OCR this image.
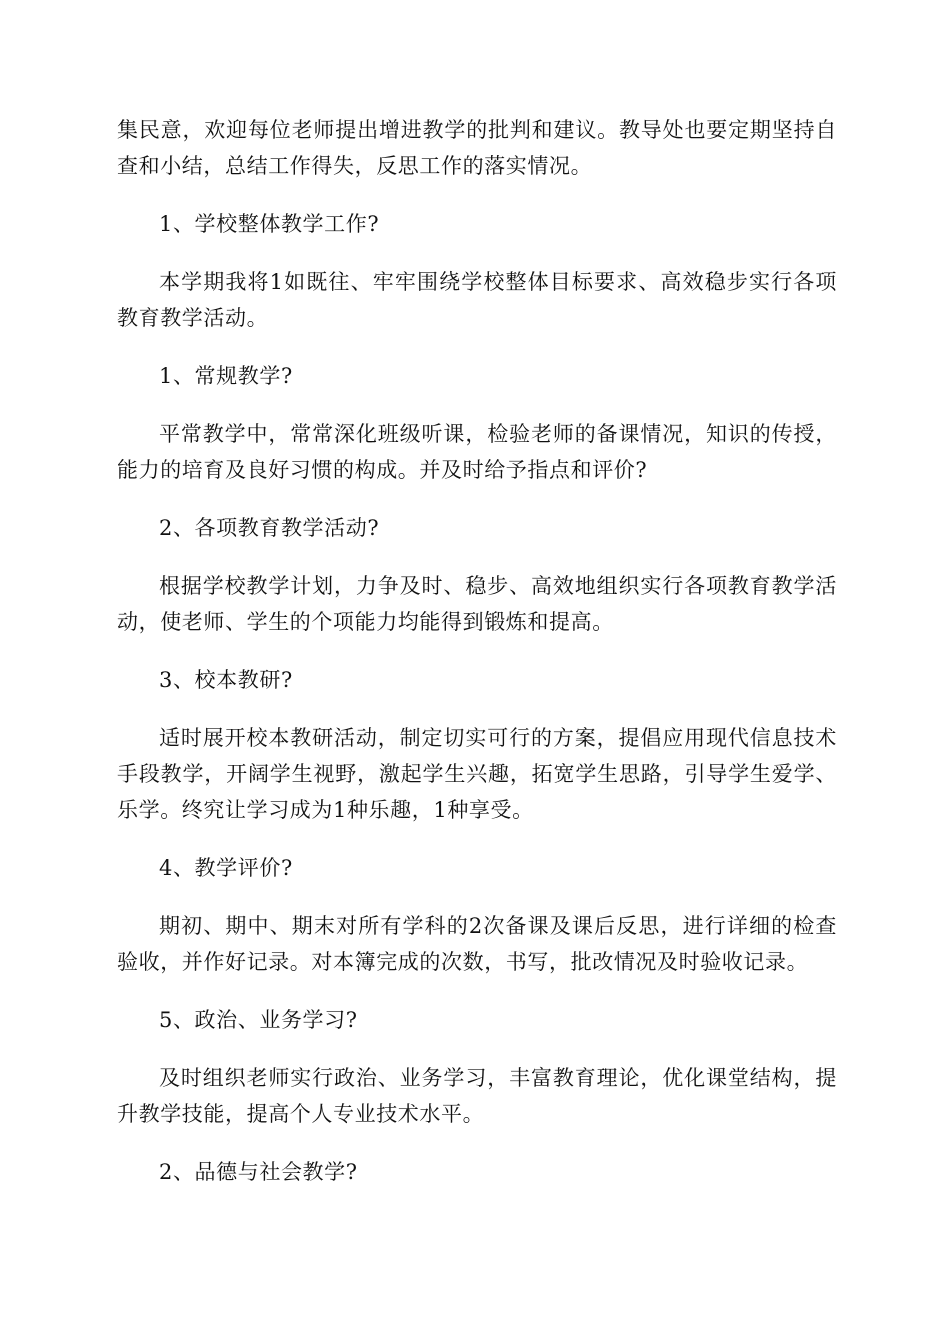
集民意，欢迎每位老师提出增进教学的批判和建议。教导处也要定期坚持自查和小结，总结工作得失，反思工作的落实情况。

1、学校整体教学工作?

本学期我将1如既往、牢牢围绕学校整体目标要求、高效稳步实行各项教育教学活动。

1、常规教学?

平常教学中，常常深化班级听课，检验老师的备课情况，知识的传授，能力的培育及良好习惯的构成。并及时给予指点和评价?

2、各项教育教学活动?

根据学校教学计划，力争及时、稳步、高效地组织实行各项教育教学活动，使老师、学生的个项能力均能得到锻炼和提高。

3、校本教研?

适时展开校本教研活动，制定切实可行的方案，提倡应用现代信息技术手段教学，开阔学生视野，激起学生兴趣，拓宽学生思路，引导学生爱学、乐学。终究让学习成为1种乐趣，1种享受。

4、教学评价?

期初、期中、期末对所有学科的2次备课及课后反思，进行详细的检查验收，并作好记录。对本簿完成的次数，书写，批改情况及时验收记录。

5、政治、业务学习?

及时组织老师实行政治、业务学习，丰富教育理论，优化课堂结构，提升教学技能，提高个人专业技术水平。

2、品德与社会教学?
